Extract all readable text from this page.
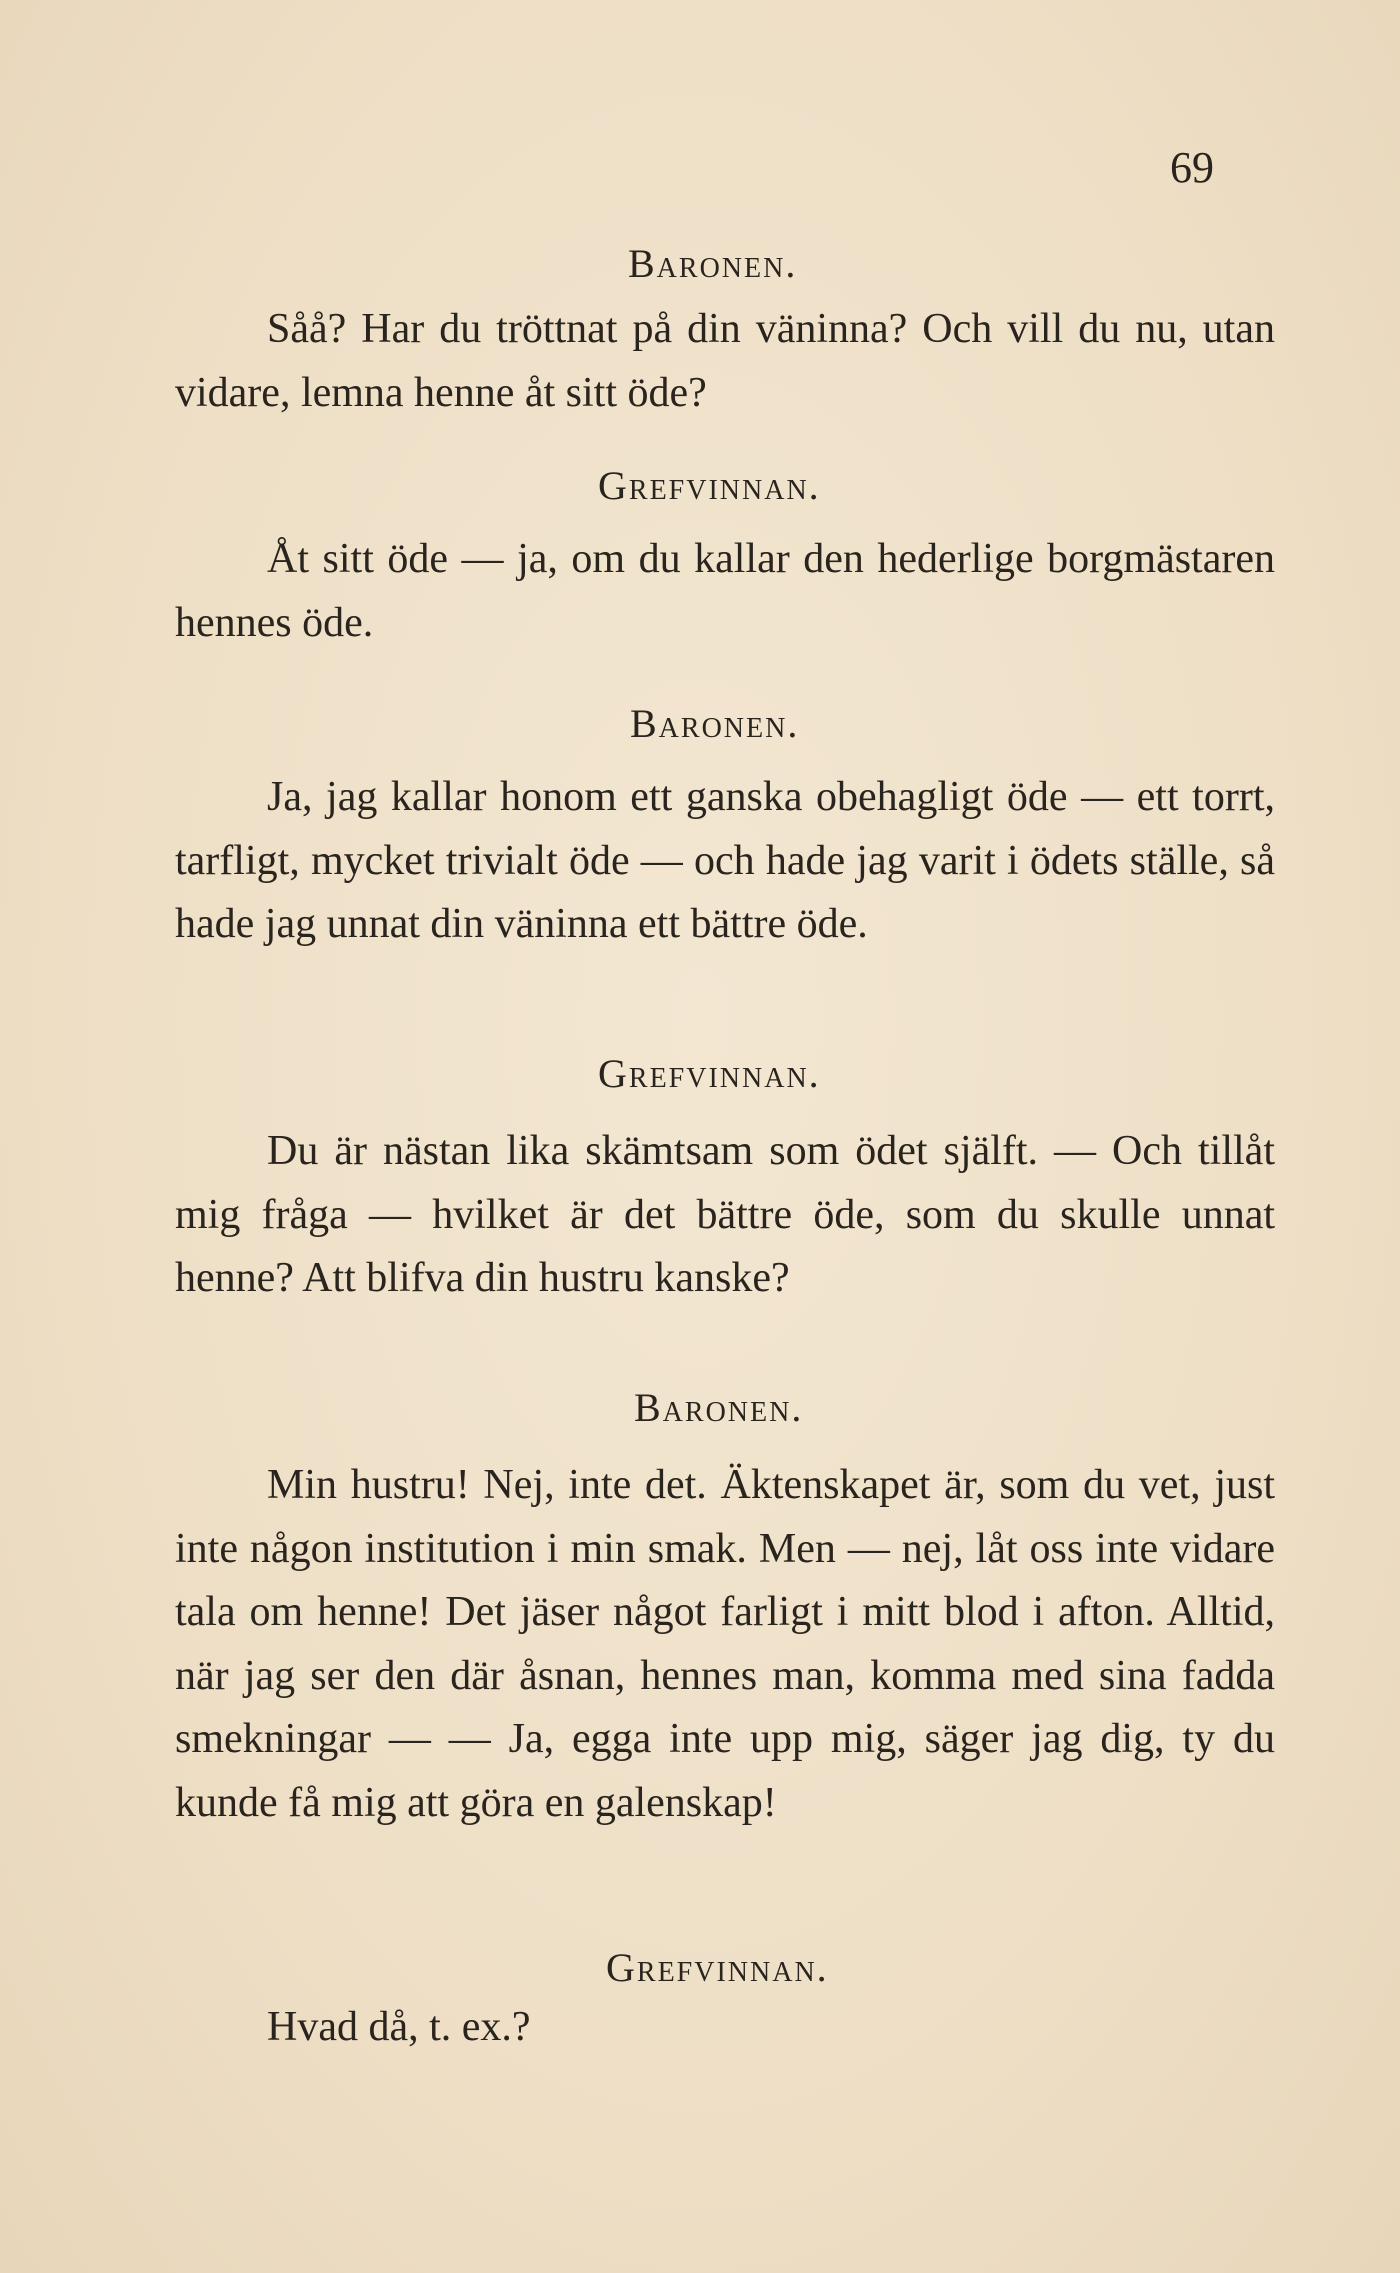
69
Baronen.

Såå? Har du tröttnat på din väninna? Och vill du nu, utan vidare, lemna henne åt sitt öde?

Grefvinnan.

Åt sitt öde — ja, om du kallar den hederlige borgmästaren hennes öde.

Baronen.

Ja, jag kallar honom ett ganska obehagligt öde — ett torrt, tarfligt, mycket trivialt öde — och hade jag varit i ödets ställe, så hade jag unnat din väninna ett bättre öde.

Grefvinnan.

Du är nästan lika skämtsam som ödet själft. — Och tillåt mig fråga — hvilket är det bättre öde, som du skulle unnat henne? Att blifva din hustru kanske?

Baronen.

Min hustru! Nej, inte det. Äktenskapet är, som du vet, just inte någon institution i min smak. Men — nej, låt oss inte vidare tala om henne! Det jäser något farligt i mitt blod i afton. Alltid, när jag ser den där åsnan, hennes man, komma med sina fadda smekningar — — Ja, egga inte upp mig, säger jag dig, ty du kunde få mig att göra en galenskap!

Grefvinnan.

Hvad då, t. ex.?
